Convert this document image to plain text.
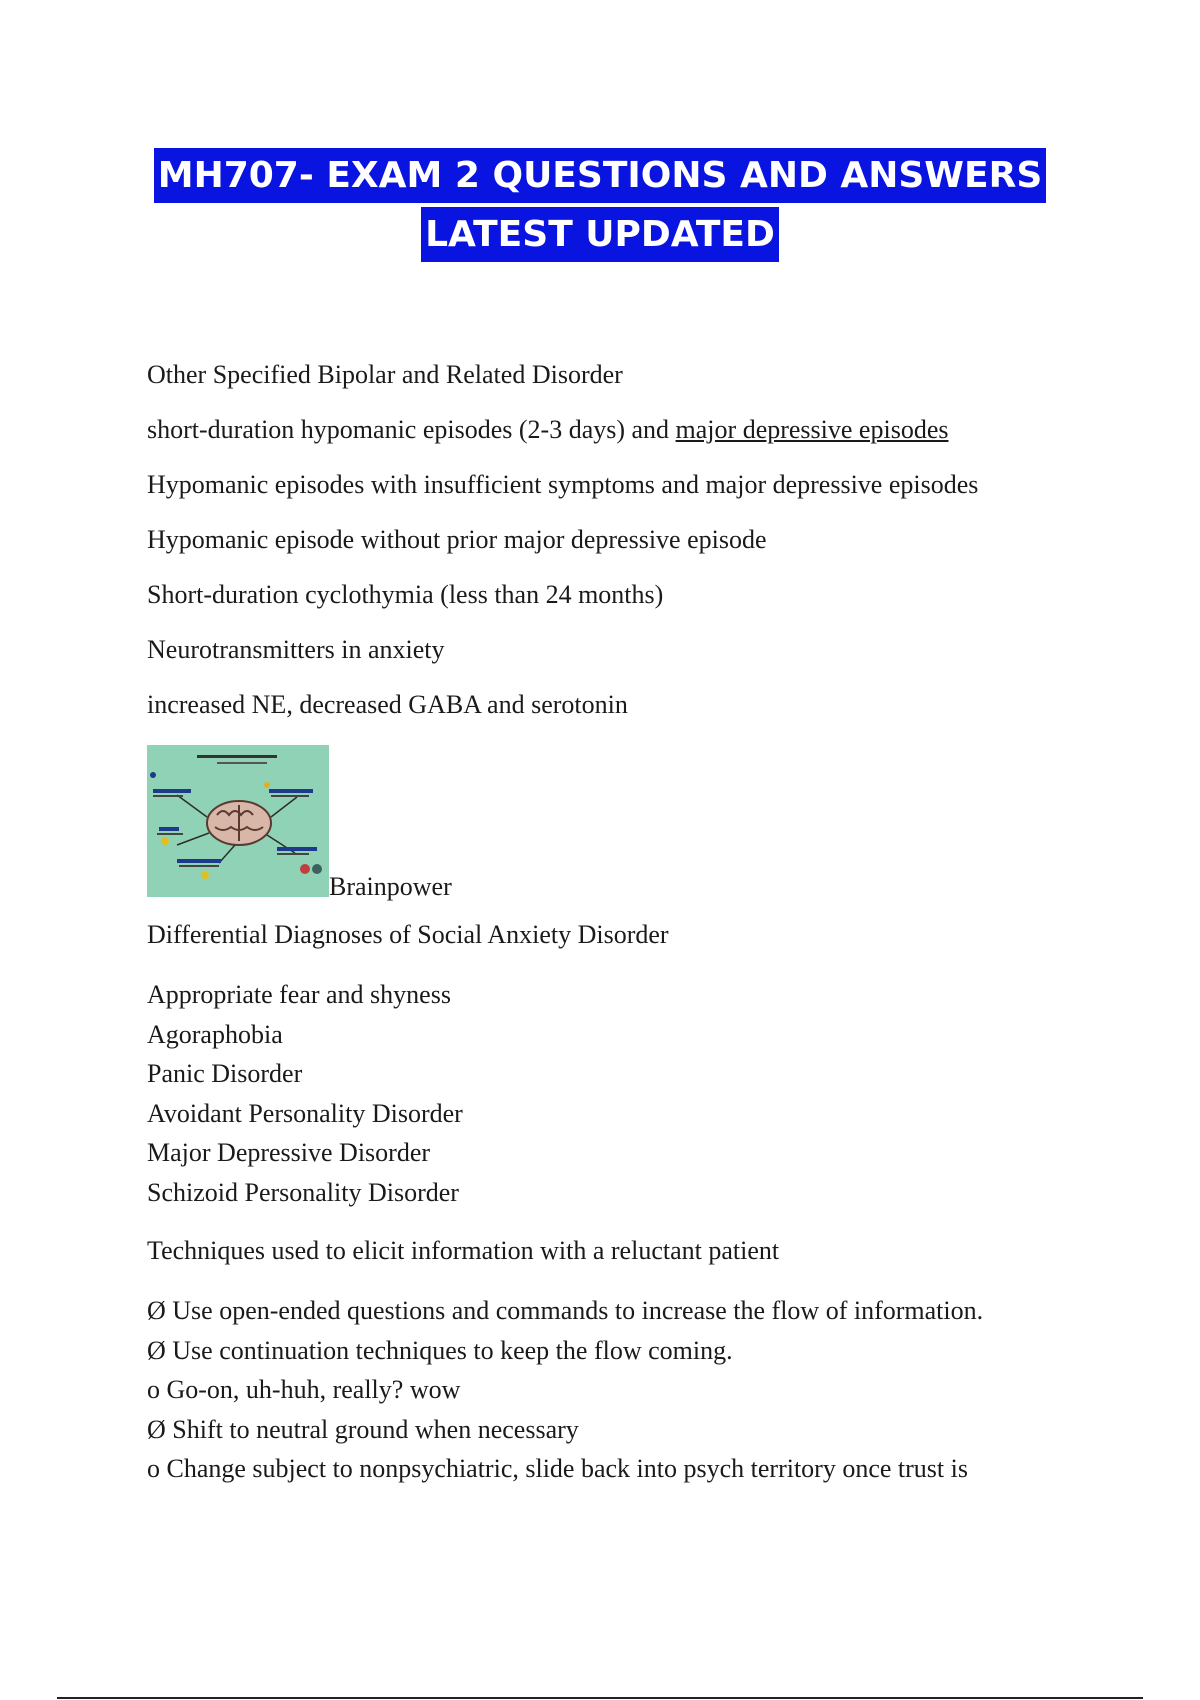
MH707- EXAM 2 QUESTIONS AND ANSWERS
LATEST UPDATED

Other Specified Bipolar and Related Disorder

short-duration hypomanic episodes (2-3 days) and major depressive episodes

Hypomanic episodes with insufficient symptoms and major depressive episodes

Hypomanic episode without prior major depressive episode

Short-duration cyclothymia (less than 24 months)

Neurotransmitters in anxiety

increased NE, decreased GABA and serotonin

Brainpower

Differential Diagnoses of Social Anxiety Disorder

Appropriate fear and shyness
Agoraphobia
Panic Disorder
Avoidant Personality Disorder
Major Depressive Disorder
Schizoid Personality Disorder

Techniques used to elicit information with a reluctant patient

Ø Use open-ended questions and commands to increase the flow of information.
Ø Use continuation techniques to keep the flow coming.
o Go-on, uh-huh, really? wow
Ø Shift to neutral ground when necessary
o Change subject to nonpsychiatric, slide back into psych territory once trust is
